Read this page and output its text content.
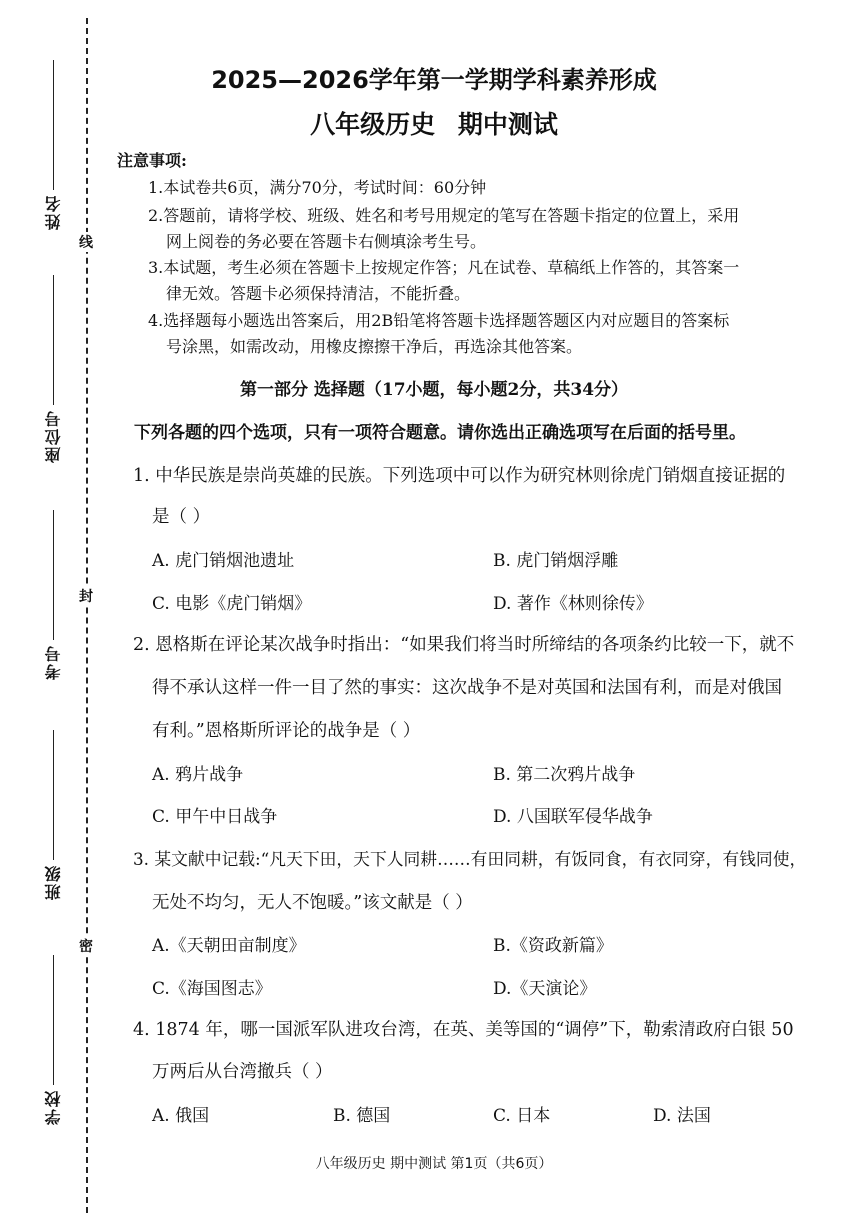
线
封
密
姓名
座位号
考号
班级
学校
2025—2026学年第一学期学科素养形成
八年级历史 期中测试
注意事项:
1.本试卷共6页，满分70分，考试时间：60分钟
2.答题前，请将学校、班级、姓名和考号用规定的笔写在答题卡指定的位置上，采用
网上阅卷的务必要在答题卡右侧填涂考生号。
3.本试题，考生必须在答题卡上按规定作答；凡在试卷、草稿纸上作答的，其答案一
律无效。答题卡必须保持清洁，不能折叠。
4.选择题每小题选出答案后，用2B铅笔将答题卡选择题答题区内对应题目的答案标
号涂黑，如需改动，用橡皮擦擦干净后，再选涂其他答案。
第一部分 选择题（17小题，每小题2分，共34分）
下列各题的四个选项，只有一项符合题意。请你选出正确选项写在后面的括号里。
1. 中华民族是崇尚英雄的民族。下列选项中可以作为研究林则徐虎门销烟直接证据的
是（ ）
A. 虎门销烟池遗址	B. 虎门销烟浮雕
C. 电影《虎门销烟》	D. 著作《林则徐传》
2. 恩格斯在评论某次战争时指出：“如果我们将当时所缔结的各项条约比较一下，就不
得不承认这样一件一目了然的事实：这次战争不是对英国和法国有利，而是对俄国
有利。”恩格斯所评论的战争是（ ）
A. 鸦片战争	B. 第二次鸦片战争
C. 甲午中日战争	D. 八国联军侵华战争
3. 某文献中记载:“凡天下田，天下人同耕……有田同耕，有饭同食，有衣同穿，有钱同使，
无处不均匀，无人不饱暖。”该文献是（ ）
A.《天朝田亩制度》	B.《资政新篇》
C.《海国图志》	D.《天演论》
4. 1874 年，哪一国派军队进攻台湾，在英、美等国的“调停”下，勒索清政府白银 50
万两后从台湾撤兵（ ）
A. 俄国	B. 德国	C. 日本	D. 法国
八年级历史 期中测试 第1页（共6页）
